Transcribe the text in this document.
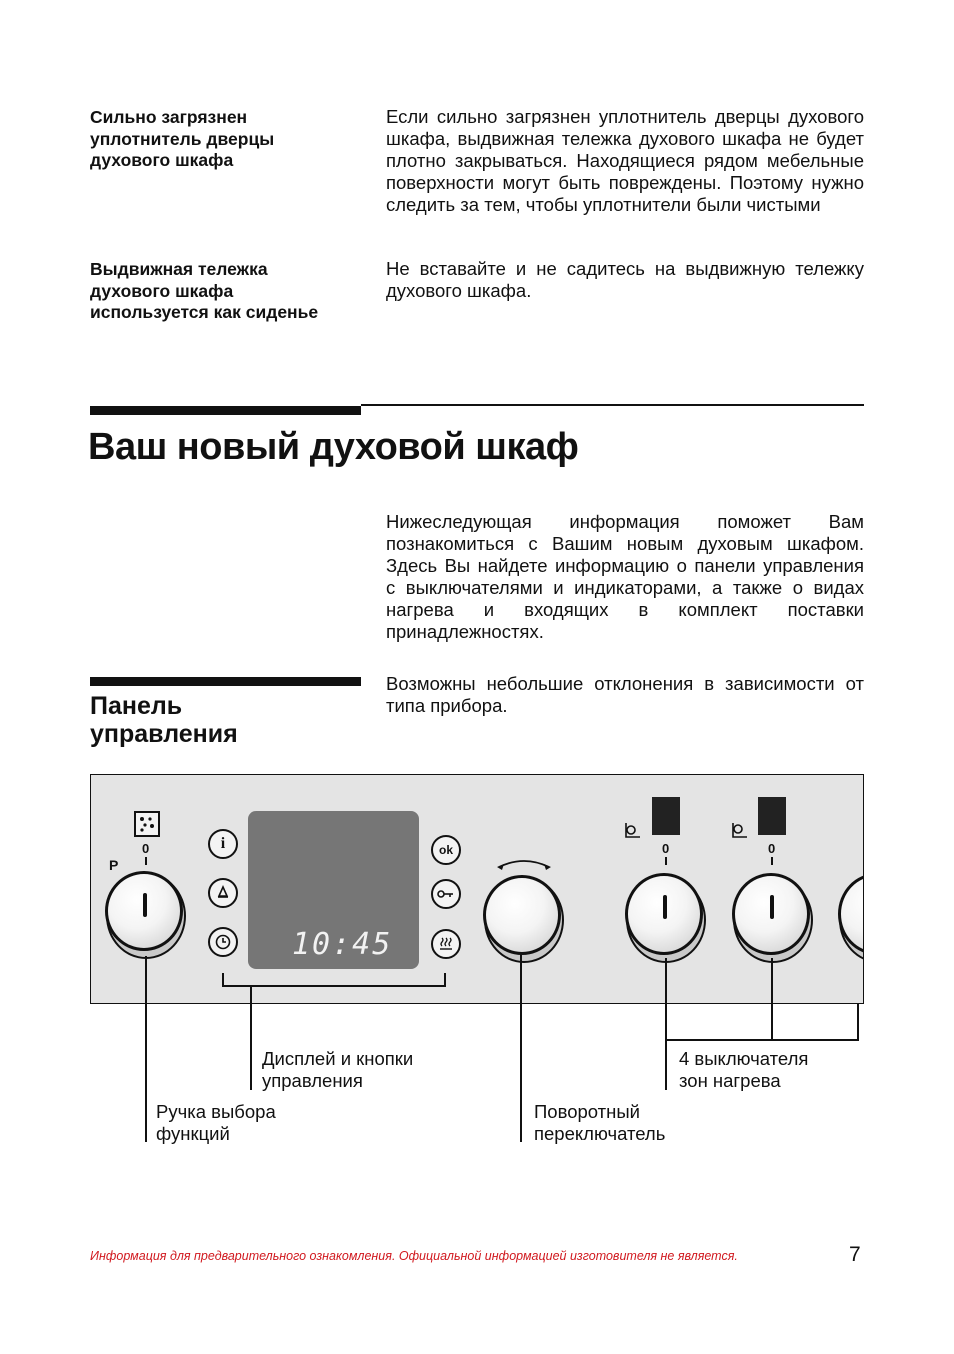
Сильно загрязнен уплотнитель дверцы духового шкафа
Если сильно загрязнен уплотнитель дверцы духового шкафа, выдвижная тележка духового шкафа не будет плотно закрываться. Находящиеся рядом мебельные поверхности могут быть повреждены. Поэтому нужно следить за тем, чтобы уплотнители были чистыми
Выдвижная тележка духового шкафа используется как сиденье
Не вставайте и не садитесь на выдвижную тележку духового шкафа.
Ваш новый духовой шкаф
Нижеследующая информация поможет Вам познакомиться с Вашим новым духовым шкафом. Здесь Вы найдете информацию о панели управления с выключателями и индикаторами, а также о видах нагрева и входящих в комплект поставки принадлежностях.
Панель управления
Возможны небольшие отклонения в зависимости от типа прибора.
0
P
i
10:45
ok	0	0
Дисплей и кнопки управления
4 выключателя зон нагрева
Ручка выбора функций
Поворотный переключатель
Информация для предварительного ознакомления. Официальной информацией изготовителя не является.	7
